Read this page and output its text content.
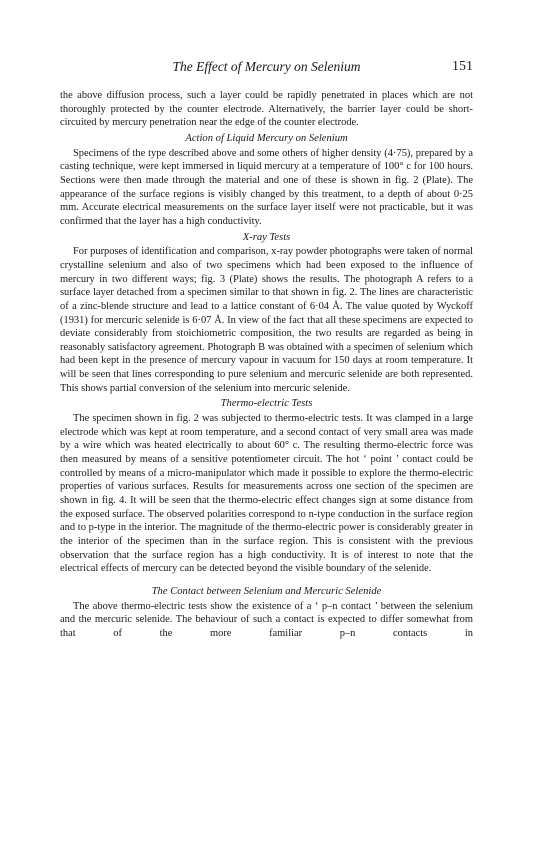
The Effect of Mercury on Selenium	151

the above diffusion process, such a layer could be rapidly penetrated in places which are not thoroughly protected by the counter electrode. Alternatively, the barrier layer could be short-circuited by mercury penetration near the edge of the counter electrode.

Action of Liquid Mercury on Selenium

Specimens of the type described above and some others of higher density (4·75), prepared by a casting technique, were kept immersed in liquid mercury at a temperature of 100° c for 100 hours. Sections were then made through the material and one of these is shown in fig. 2 (Plate). The appearance of the surface regions is visibly changed by this treatment, to a depth of about 0·25 mm. Accurate electrical measurements on the surface layer itself were not practicable, but it was confirmed that the layer has a high conductivity.

X-ray Tests

For purposes of identification and comparison, x-ray powder photographs were taken of normal crystalline selenium and also of two specimens which had been exposed to the influence of mercury in two different ways; fig. 3 (Plate) shows the results. The photograph A refers to a surface layer detached from a specimen similar to that shown in fig. 2. The lines are characteristic of a zinc-blende structure and lead to a lattice constant of 6·04 Å. The value quoted by Wyckoff (1931) for mercuric selenide is 6·07 Å. In view of the fact that all these specimens are expected to deviate considerably from stoichiometric composition, the two results are regarded as being in reasonably satisfactory agreement. Photograph B was obtained with a specimen of selenium which had been kept in the presence of mercury vapour in vacuum for 150 days at room temperature. It will be seen that lines corresponding to pure selenium and mercuric selenide are both represented. This shows partial conversion of the selenium into mercuric selenide.

Thermo-electric Tests

The specimen shown in fig. 2 was subjected to thermo-electric tests. It was clamped in a large electrode which was kept at room temperature, and a second contact of very small area was made by a wire which was heated electrically to about 60° c. The resulting thermo-electric force was then measured by means of a sensitive potentiometer circuit. The hot ‘ point ’ contact could be controlled by means of a micro-manipulator which made it possible to explore the thermo-electric properties of various surfaces. Results for measurements across one section of the specimen are shown in fig. 4. It will be seen that the thermo-electric effect changes sign at some distance from the exposed surface. The observed polarities correspond to n-type conduction in the surface region and to p-type in the interior. The magnitude of the thermo-electric power is considerably greater in the interior of the specimen than in the surface region. This is consistent with the previous observation that the surface region has a high conductivity. It is of interest to note that the electrical effects of mercury can be detected beyond the visible boundary of the selenide.

The Contact between Selenium and Mercuric Selenide

The above thermo-electric tests show the existence of a ‘ p–n contact ’ between the selenium and the mercuric selenide. The behaviour of such a contact is expected to differ somewhat from that of the more familiar p–n contacts in
